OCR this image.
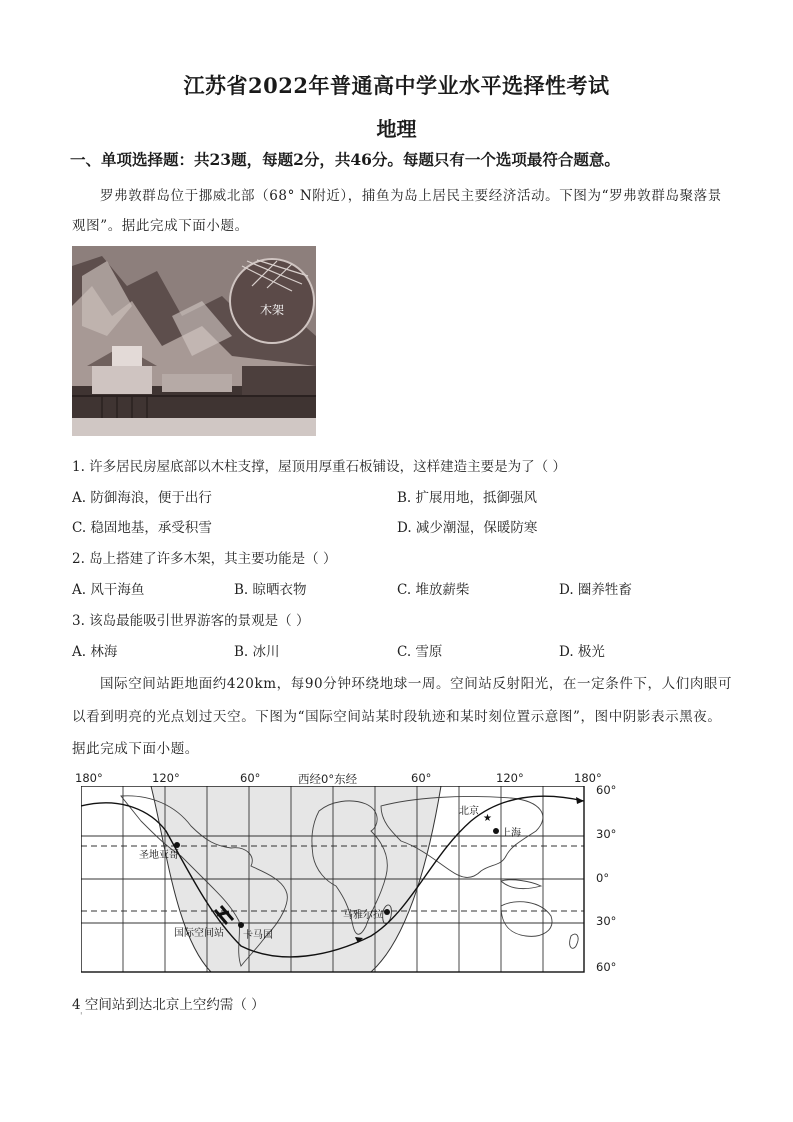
江苏省2022年普通高中学业水平选择性考试
地理
一、单项选择题：共23题，每题2分，共46分。每题只有一个选项最符合题意。
罗弗敦群岛位于挪威北部（68° N附近），捕鱼为岛上居民主要经济活动。下图为“罗弗敦群岛聚落景
观图”。据此完成下面小题。
木架
1. 许多居民房屋底部以木柱支撑，屋顶用厚重石板铺设，这样建造主要是为了（ ）
A. 防御海浪，便于出行	B. 扩展用地，抵御强风
C. 稳固地基，承受积雪	D. 减少潮湿，保暖防寒
2. 岛上搭建了许多木架，其主要功能是（ ）
A. 风干海鱼	B. 晾晒衣物	C. 堆放薪柴	D. 圈养牲畜
3. 该岛最能吸引世界游客的景观是（ ）
A. 林海	B. 冰川	C. 雪原	D. 极光
国际空间站距地面约420km，每90分钟环绕地球一周。空间站反射阳光，在一定条件下，人们肉眼可
以看到明亮的光点划过天空。下图为“国际空间站某时段轨迹和某时刻位置示意图”，图中阴影表示黑夜。
据此完成下面小题。
180°	120°	60°	西经0°东经	60°	120°	180°
60°
30°
0°
30°
60°
★
圣地亚哥
国际空间站 卡马国
马雅尔拉
北京
上海
4 空间站到达北京上空约需（ ）
'
